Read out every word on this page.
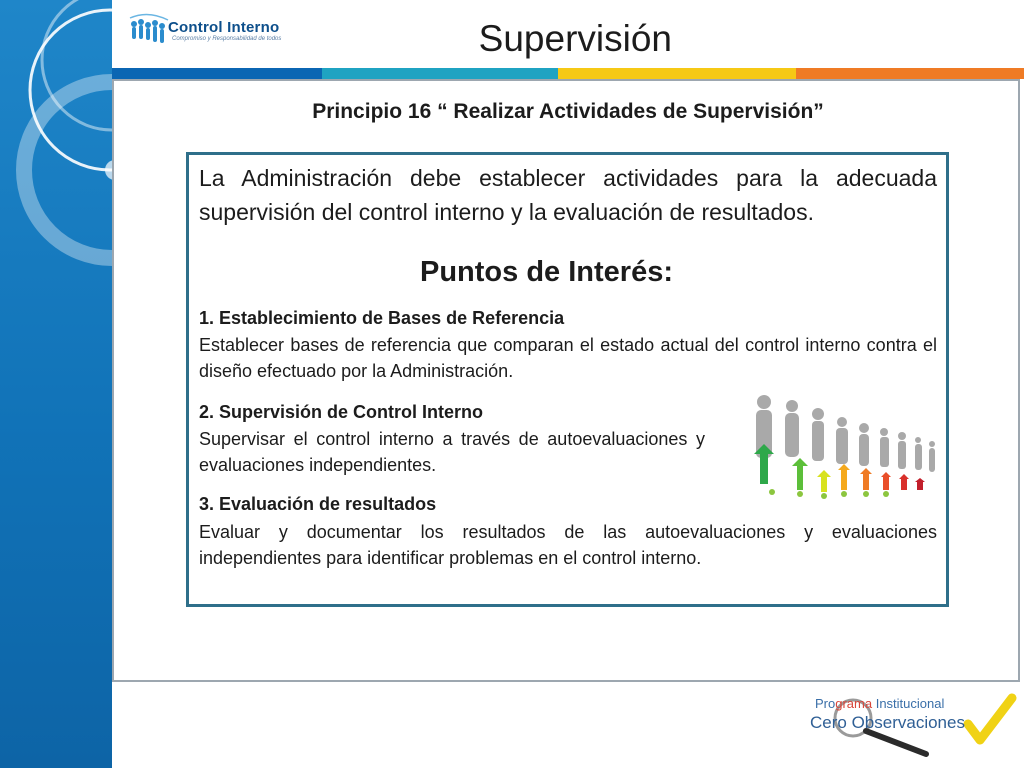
Control Interno
Compromiso y Responsabilidad de todos	Supervisión
Principio 16 “ Realizar Actividades de Supervisión”
La Administración debe establecer actividades para la adecuada supervisión del control interno y la evaluación de resultados.
Puntos de Interés:
1. Establecimiento de Bases de Referencia
Establecer bases de referencia que comparan el estado actual del control interno contra el diseño efectuado por la Administración.
2. Supervisión de Control Interno
Supervisar el control interno a través de autoevaluaciones y evaluaciones independientes.
3. Evaluación de resultados
Evaluar y documentar los resultados de las autoevaluaciones y evaluaciones independientes para identificar problemas en el control interno.
Programa Institucional
Cero Observaciones
